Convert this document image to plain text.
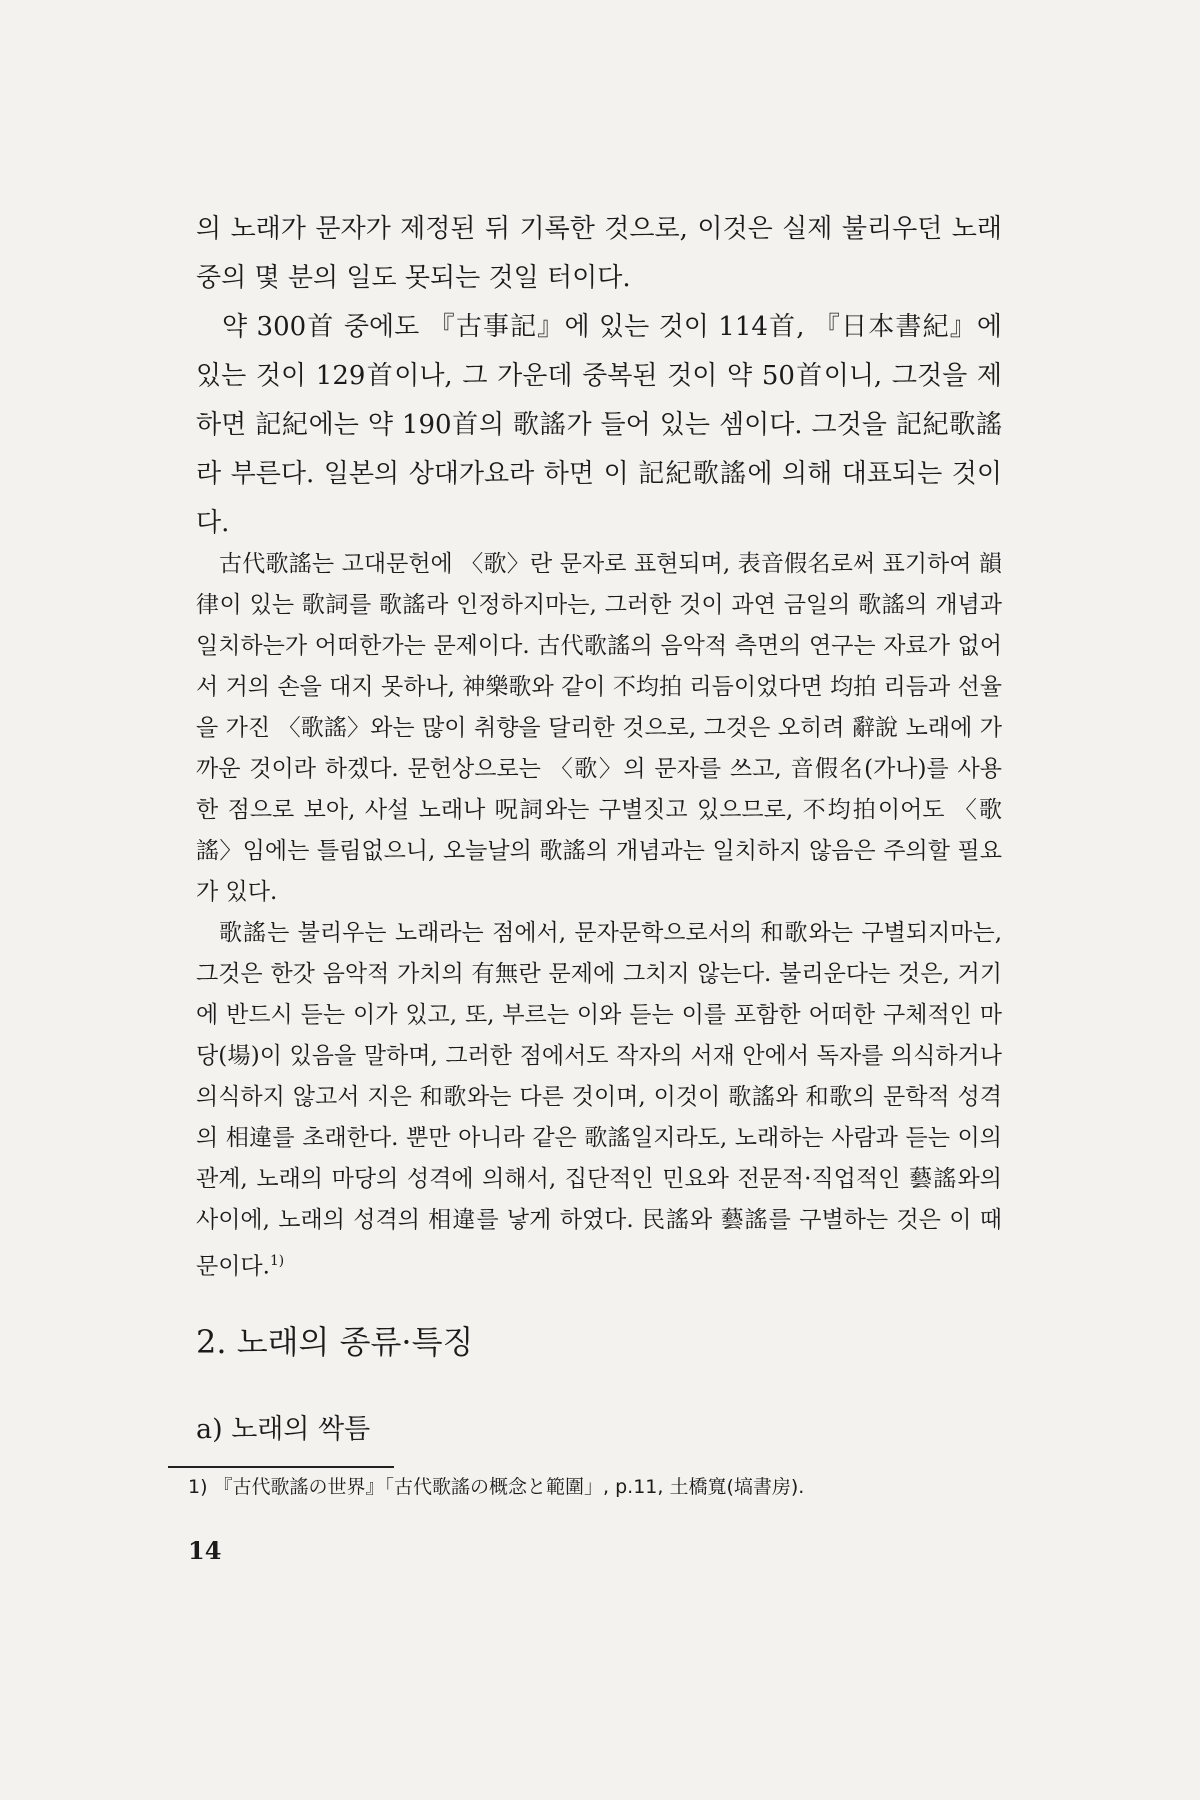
의 노래가 문자가 제정된 뒤 기록한 것으로, 이것은 실제 불리우던 노래 중의 몇 분의 일도 못되는 것일 터이다.

약 300首 중에도 『古事記』에 있는 것이 114首, 『日本書紀』에 있는 것이 129首이나, 그 가운데 중복된 것이 약 50首이니, 그것을 제하면 記紀에는 약 190首의 歌謠가 들어 있는 셈이다. 그것을 記紀歌謠라 부른다. 일본의 상대가요라 하면 이 記紀歌謠에 의해 대표되는 것이다.

古代歌謠는 고대문헌에 〈歌〉란 문자로 표현되며, 表音假名로써 표기하여 韻律이 있는 歌詞를 歌謠라 인정하지마는, 그러한 것이 과연 금일의 歌謠의 개념과 일치하는가 어떠한가는 문제이다. 古代歌謠의 음악적 측면의 연구는 자료가 없어서 거의 손을 대지 못하나, 神樂歌와 같이 不均拍 리듬이었다면 均拍 리듬과 선율을 가진 〈歌謠〉와는 많이 취향을 달리한 것으로, 그것은 오히려 辭說 노래에 가까운 것이라 하겠다. 문헌상으로는 〈歌〉의 문자를 쓰고, 音假名(가나)를 사용한 점으로 보아, 사설 노래나 呪詞와는 구별짓고 있으므로, 不均拍이어도 〈歌謠〉임에는 틀림없으니, 오늘날의 歌謠의 개념과는 일치하지 않음은 주의할 필요가 있다.

歌謠는 불리우는 노래라는 점에서, 문자문학으로서의 和歌와는 구별되지마는, 그것은 한갓 음악적 가치의 有無란 문제에 그치지 않는다. 불리운다는 것은, 거기에 반드시 듣는 이가 있고, 또, 부르는 이와 듣는 이를 포함한 어떠한 구체적인 마당(場)이 있음을 말하며, 그러한 점에서도 작자의 서재 안에서 독자를 의식하거나 의식하지 않고서 지은 和歌와는 다른 것이며, 이것이 歌謠와 和歌의 문학적 성격의 相違를 초래한다. 뿐만 아니라 같은 歌謠일지라도, 노래하는 사람과 듣는 이의 관계, 노래의 마당의 성격에 의해서, 집단적인 민요와 전문적·직업적인 藝謠와의 사이에, 노래의 성격의 相違를 낳게 하였다. 民謠와 藝謠를 구별하는 것은 이 때문이다.$^{1)}$

2. 노래의 종류·특징
a) 노래의 싹틈
1) 『古代歌謠の世界』「古代歌謠の概念と範圍」, p.11, 土橋寬(塙書房).
14
